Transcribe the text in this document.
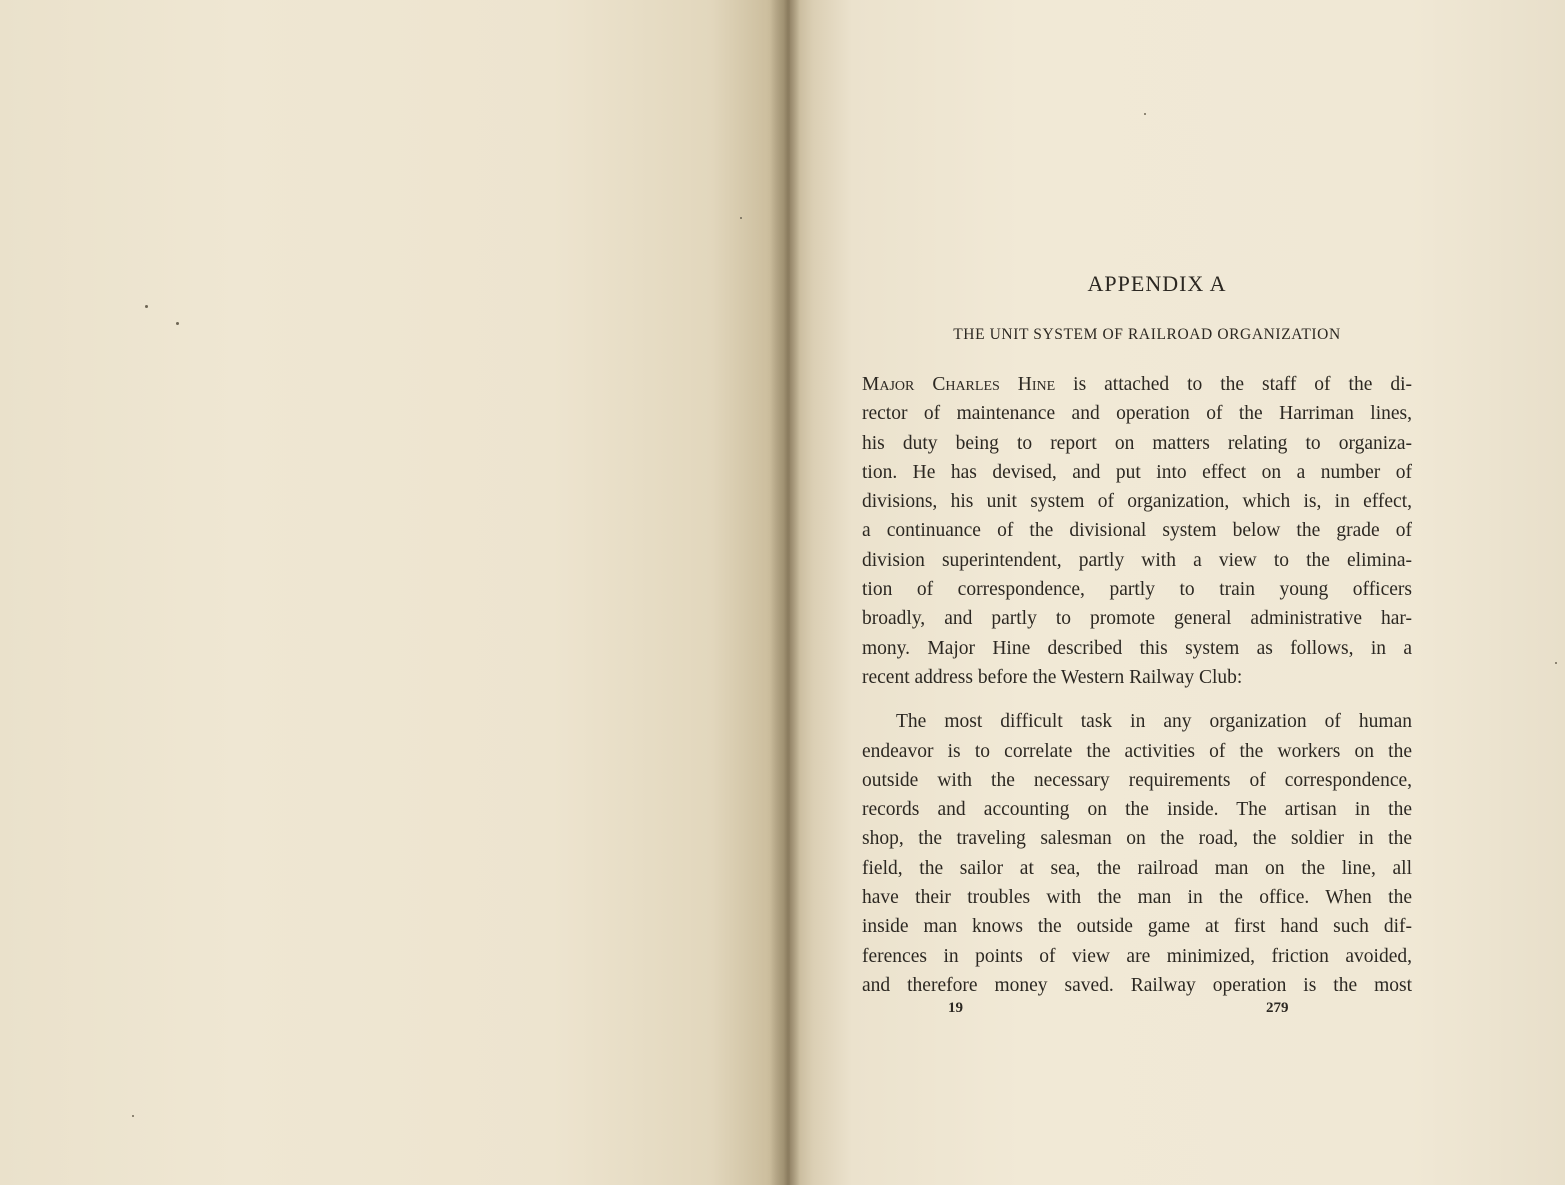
APPENDIX A
THE UNIT SYSTEM OF RAILROAD ORGANIZATION
Major Charles Hine is attached to the staff of the di-
rector of maintenance and operation of the Harriman lines,
his duty being to report on matters relating to organiza-
tion. He has devised, and put into effect on a number of
divisions, his unit system of organization, which is, in effect,
a continuance of the divisional system below the grade of
division superintendent, partly with a view to the elimina-
tion of correspondence, partly to train young officers
broadly, and partly to promote general administrative har-
mony. Major Hine described this system as follows, in a
recent address before the Western Railway Club:
The most difficult task in any organization of human
endeavor is to correlate the activities of the workers on the
outside with the necessary requirements of correspondence,
records and accounting on the inside. The artisan in the
shop, the traveling salesman on the road, the soldier in the
field, the sailor at sea, the railroad man on the line, all
have their troubles with the man in the office. When the
inside man knows the outside game at first hand such dif-
ferences in points of view are minimized, friction avoided,
and therefore money saved. Railway operation is the most
19	279
